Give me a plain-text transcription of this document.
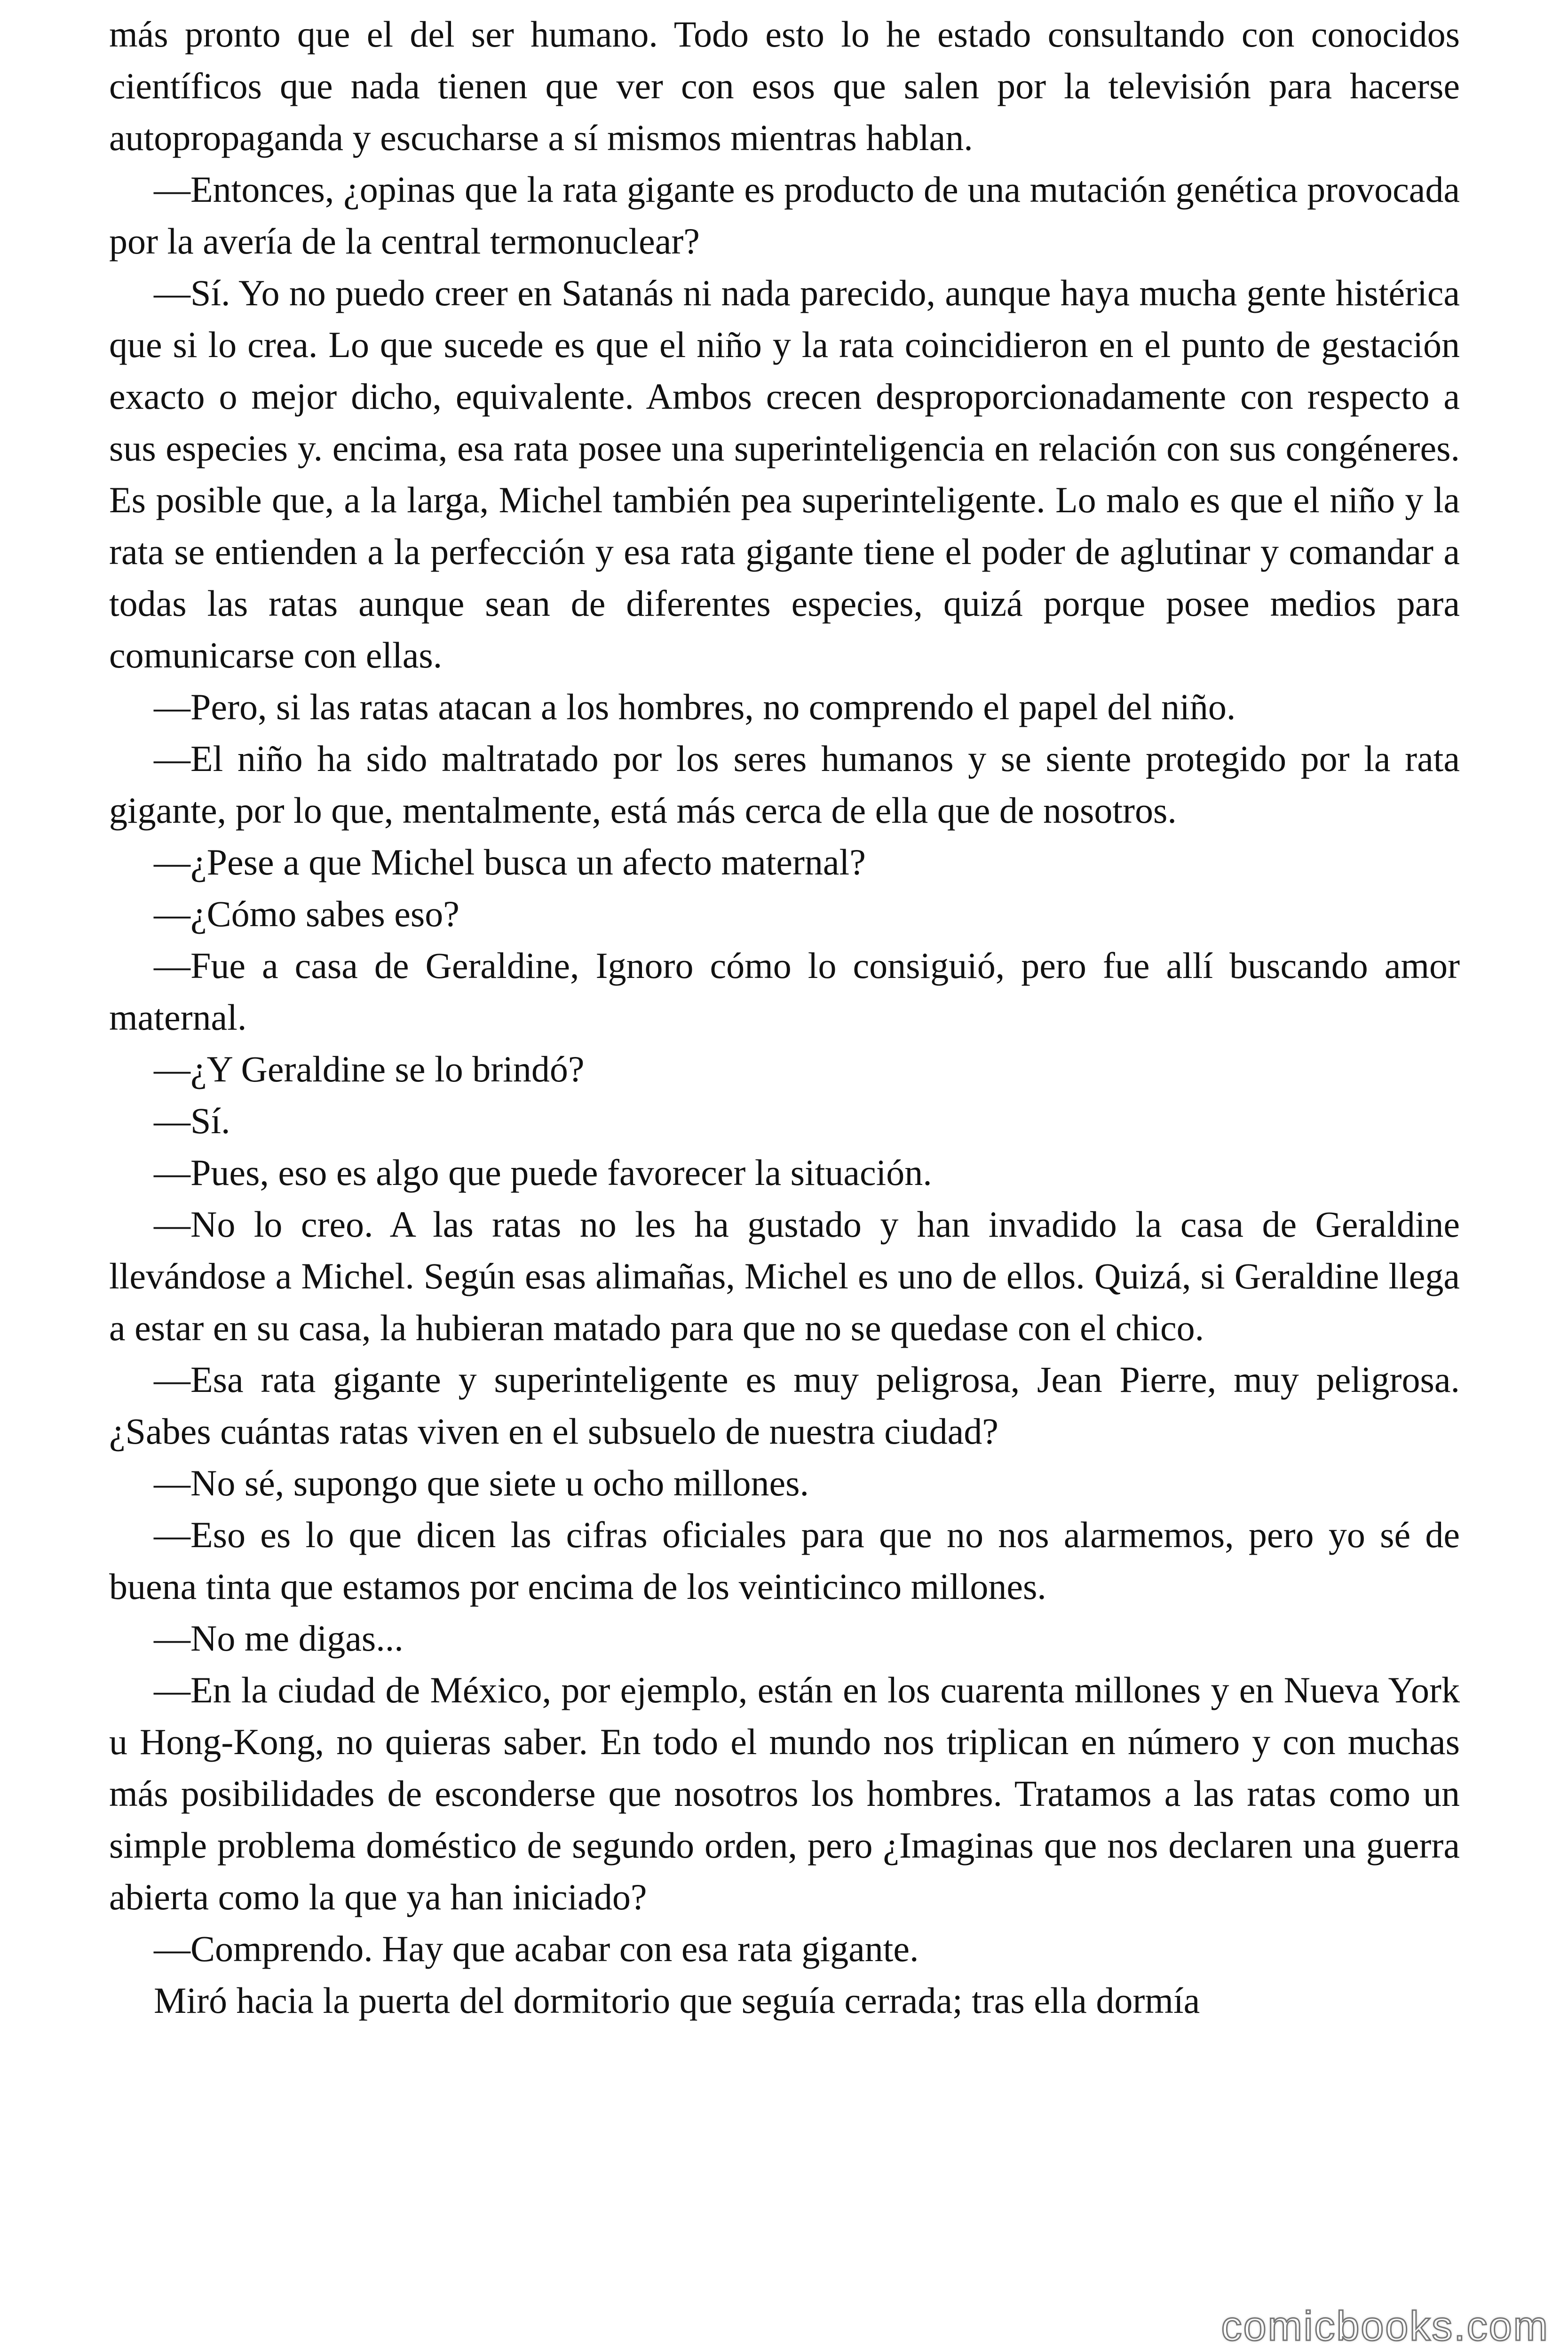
más pronto que el del ser humano. Todo esto lo he estado consultando con conocidos científicos que nada tienen que ver con esos que salen por la televisión para hacerse autopropaganda y escucharse a sí mismos mientras hablan.

—Entonces, ¿opinas que la rata gigante es producto de una mutación genética provocada por la avería de la central termonuclear?

—Sí. Yo no puedo creer en Satanás ni nada parecido, aunque haya mucha gente histérica que si lo crea. Lo que sucede es que el niño y la rata coincidieron en el punto de gestación exacto o mejor dicho, equivalente. Ambos crecen desproporcionadamente con respecto a sus especies y. encima, esa rata posee una superinteligencia en relación con sus congéneres. Es posible que, a la larga, Michel también pea superinteligente. Lo malo es que el niño y la rata se entienden a la perfección y esa rata gigante tiene el poder de aglutinar y comandar a todas las ratas aunque sean de diferentes especies, quizá porque posee medios para comunicarse con ellas.

—Pero, si las ratas atacan a los hombres, no comprendo el papel del niño.

—El niño ha sido maltratado por los seres humanos y se siente protegido por la rata gigante, por lo que, mentalmente, está más cerca de ella que de nosotros.

—¿Pese a que Michel busca un afecto maternal?

—¿Cómo sabes eso?

—Fue a casa de Geraldine, Ignoro cómo lo consiguió, pero fue allí buscando amor maternal.

—¿Y Geraldine se lo brindó?

—Sí.

—Pues, eso es algo que puede favorecer la situación.

—No lo creo. A las ratas no les ha gustado y han invadido la casa de Geraldine llevándose a Michel. Según esas alimañas, Michel es uno de ellos. Quizá, si Geraldine llega a estar en su casa, la hubieran matado para que no se quedase con el chico.

—Esa rata gigante y superinteligente es muy peligrosa, Jean Pierre, muy peligrosa. ¿Sabes cuántas ratas viven en el subsuelo de nuestra ciudad?

—No sé, supongo que siete u ocho millones.

—Eso es lo que dicen las cifras oficiales para que no nos alarmemos, pero yo sé de buena tinta que estamos por encima de los veinticinco millones.

—No me digas...

—En la ciudad de México, por ejemplo, están en los cuarenta millones y en Nueva York u Hong-Kong, no quieras saber. En todo el mundo nos triplican en número y con muchas más posibilidades de esconderse que nosotros los hombres. Tratamos a las ratas como un simple problema doméstico de segundo orden, pero ¿Imaginas que nos declaren una guerra abierta como la que ya han iniciado?

—Comprendo. Hay que acabar con esa rata gigante.

Miró hacia la puerta del dormitorio que seguía cerrada; tras ella dormía

comicbooks.com
